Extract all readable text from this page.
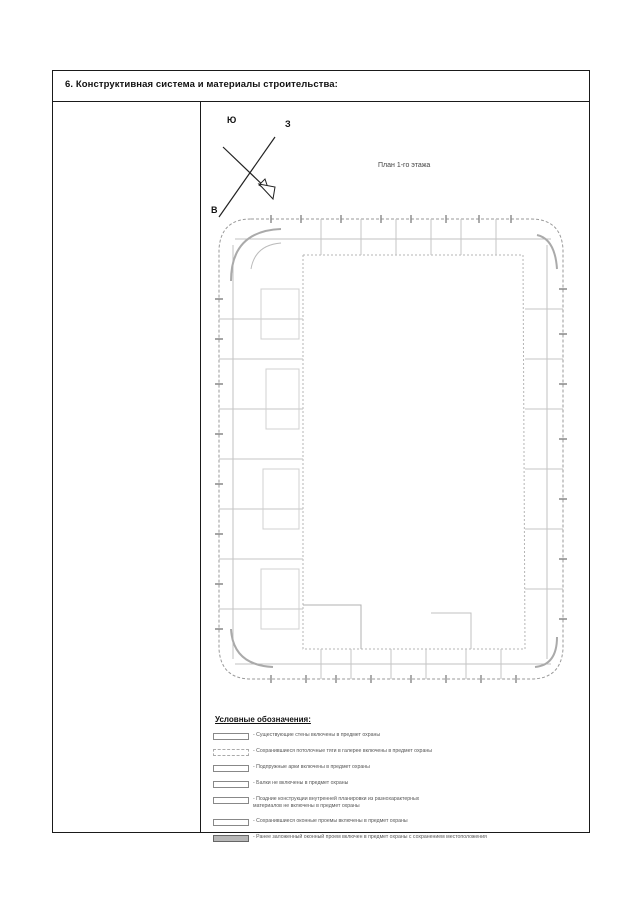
6. Конструктивная система и материалы строительства:
Ю	З
В
План 1-го этажа
Условные обозначения:
- Существующие стены включены в предмет охраны
- Сохранившиеся потолочные тяги в галерее включены в предмет охраны
- Подпружные арки включены в предмет охраны
- Балки не включены в предмет охраны
- Поздние конструкции внутренней планировки из разнохарактерных
материалов не включены в предмет охраны
- Сохранившиеся оконные проемы включены в предмет охраны
- Ранее заложенный оконный проем включен в предмет охраны с сохранением местоположения
